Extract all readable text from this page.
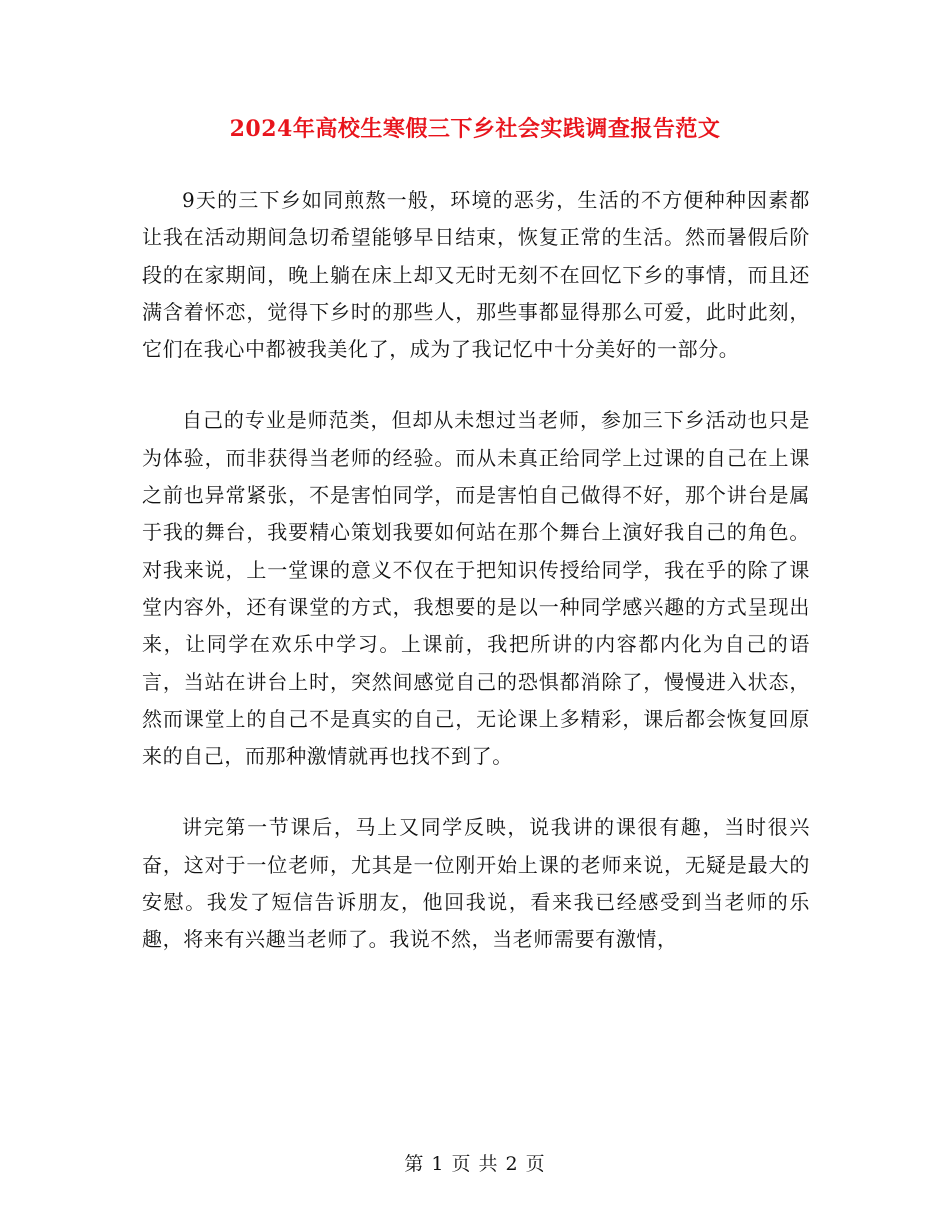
2024年高校生寒假三下乡社会实践调查报告范文

9天的三下乡如同煎熬一般，环境的恶劣，生活的不方便种种因素都让我在活动期间急切希望能够早日结束，恢复正常的生活。然而暑假后阶段的在家期间，晚上躺在床上却又无时无刻不在回忆下乡的事情，而且还满含着怀恋，觉得下乡时的那些人，那些事都显得那么可爱，此时此刻，它们在我心中都被我美化了，成为了我记忆中十分美好的一部分。

自己的专业是师范类，但却从未想过当老师，参加三下乡活动也只是为体验，而非获得当老师的经验。而从未真正给同学上过课的自己在上课之前也异常紧张，不是害怕同学，而是害怕自己做得不好，那个讲台是属于我的舞台，我要精心策划我要如何站在那个舞台上演好我自己的角色。对我来说，上一堂课的意义不仅在于把知识传授给同学，我在乎的除了课堂内容外，还有课堂的方式，我想要的是以一种同学感兴趣的方式呈现出来，让同学在欢乐中学习。上课前，我把所讲的内容都内化为自己的语言，当站在讲台上时，突然间感觉自己的恐惧都消除了，慢慢进入状态，然而课堂上的自己不是真实的自己，无论课上多精彩，课后都会恢复回原来的自己，而那种激情就再也找不到了。

讲完第一节课后，马上又同学反映，说我讲的课很有趣，当时很兴奋，这对于一位老师，尤其是一位刚开始上课的老师来说，无疑是最大的安慰。我发了短信告诉朋友，他回我说，看来我已经感受到当老师的乐趣，将来有兴趣当老师了。我说不然，当老师需要有激情，

第 1 页 共 2 页
